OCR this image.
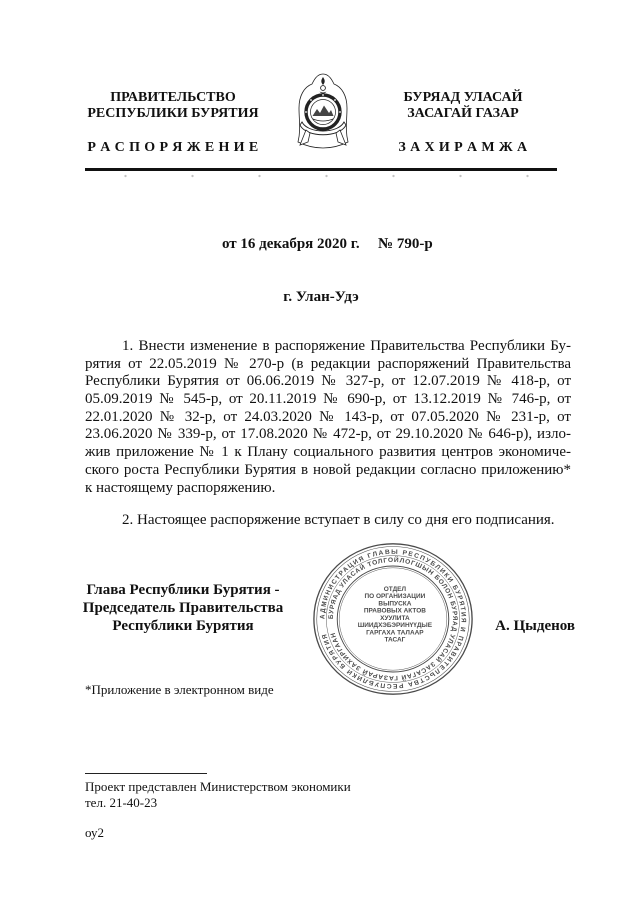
ПРАВИТЕЛЬСТВО
РЕСПУБЛИКИ БУРЯТИЯ
Р А С П О Р Я Ж Е Н И Е
БУРЯАД УЛАСАЙ
ЗАСАГАЙ ГАЗАР
З А Х И Р А М Ж А
от 16 декабря 2020 г. № 790-р
г. Улан-Удэ
1. Внести изменение в распоряжение Правительства Республики Бу-
рятия от 22.05.2019 № 270-р (в редакции распоряжений Правительства
Республики Бурятия от 06.06.2019 № 327-р, от 12.07.2019 № 418-р, от
05.09.2019 № 545-р, от 20.11.2019 № 690-р, от 13.12.2019 № 746-р, от
22.01.2020 № 32-р, от 24.03.2020 № 143-р, от 07.05.2020 № 231-р, от
23.06.2020 № 339-р, от 17.08.2020 № 472-р, от 29.10.2020 № 646-р), изло-
жив приложение № 1 к Плану социального развития центров экономиче-
ского роста Республики Бурятия в новой редакции согласно приложению*
к настоящему распоряжению.
2. Настоящее распоряжение вступает в силу со дня его подписания.
Глава Республики Бурятия -
Председатель Правительства
Республики Бурятия
АДМИНИСТРАЦИЯ ГЛАВЫ РЕСПУБЛИКИ БУРЯТИЯ И ПРАВИТЕЛЬСТВА РЕСПУБЛИКИ БУРЯТИЯ
БУРЯАД УЛАСАЙ ТОЛГОЙЛОГШЫН БОЛОН БУРЯАД УЛАСАЙ ЗАСАГАЙ ГАЗАРАЙ ЗАХИРГААН
ОТДЕЛ
ПО ОРГАНИЗАЦИИ
ВЫПУСКА
ПРАВОВЫХ АКТОВ
ХУУЛИТА
ШИИДХЭБЭРИНҮҮДЫЕ
ГАРГАХА ТАЛААР
ТАСАГ
А. Цыденов
*Приложение в электронном виде
Проект представлен Министерством экономики
тел. 21-40-23
оу2
